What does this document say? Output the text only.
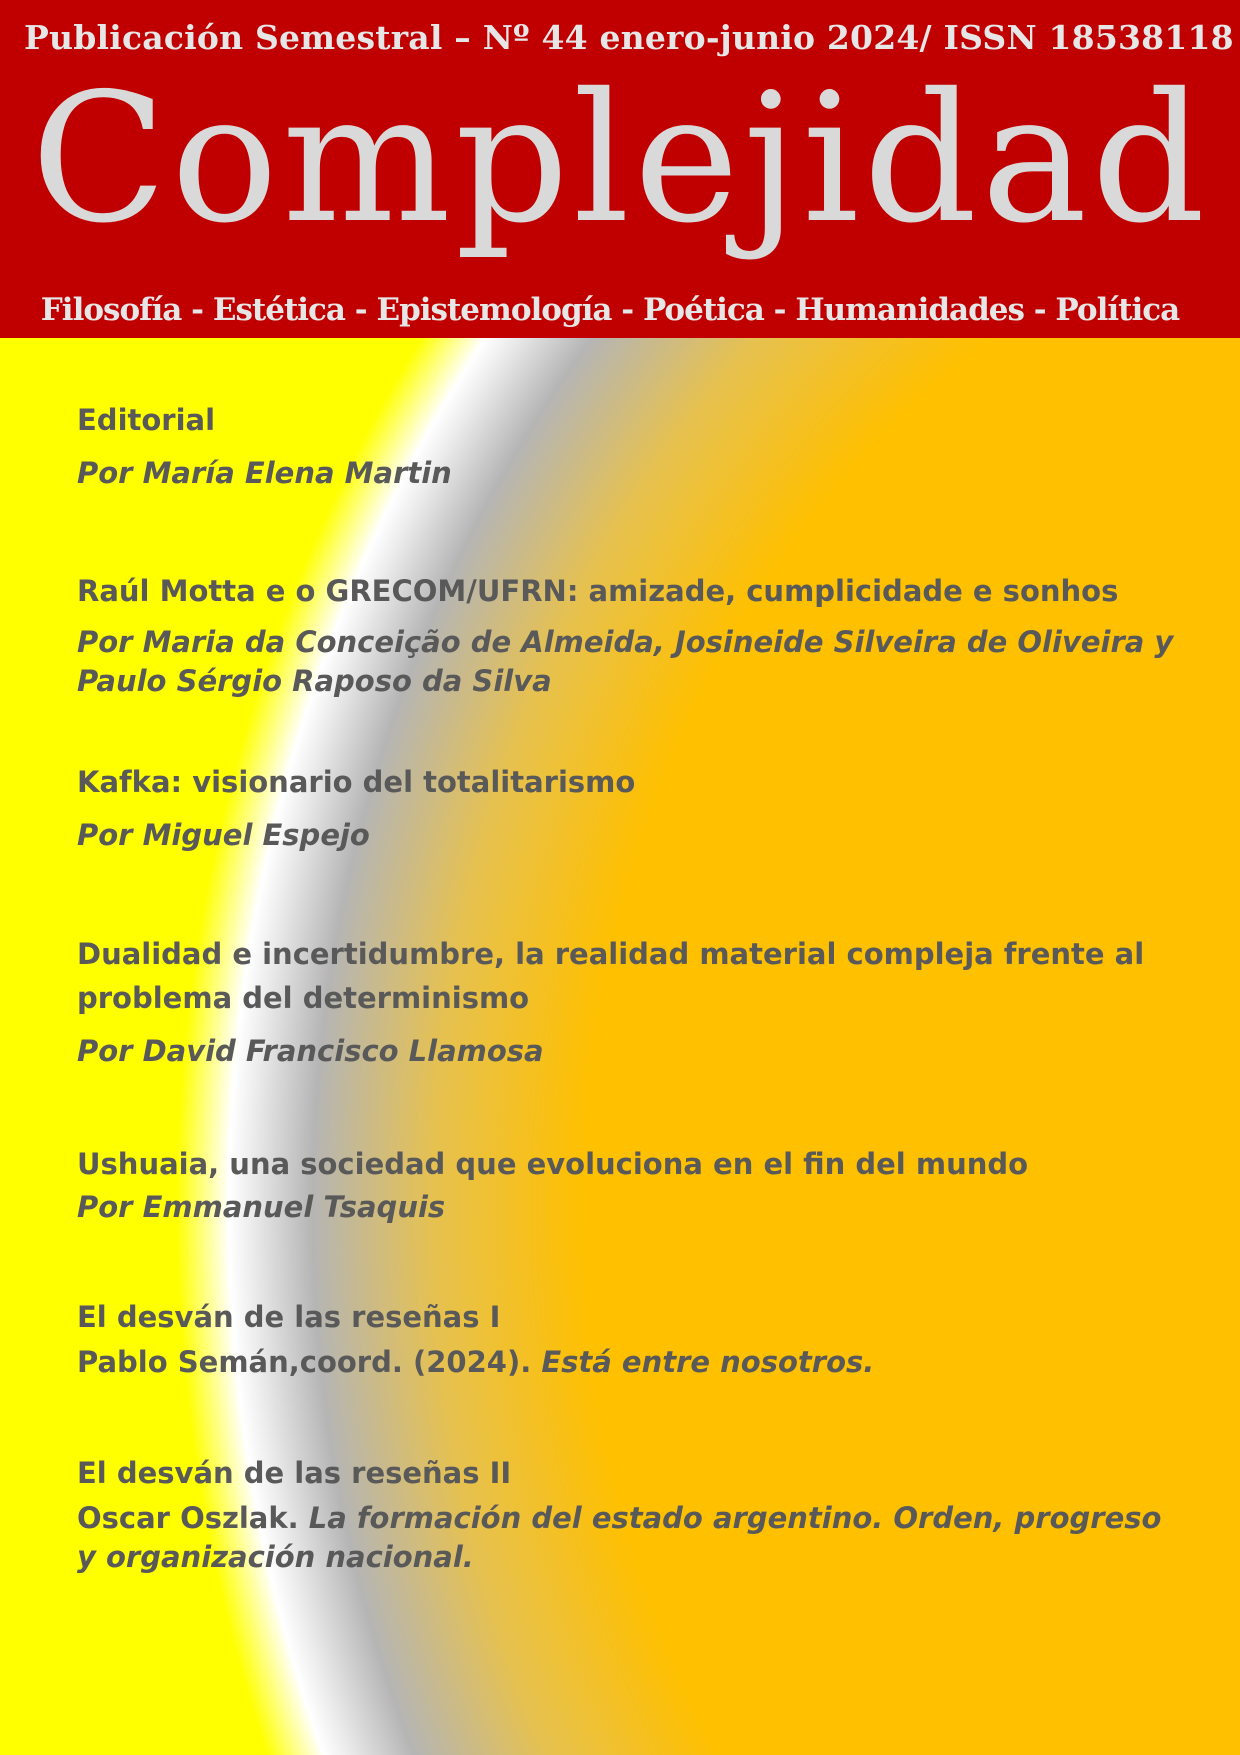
Publicación Semestral – Nº 44 enero-junio 2024/ ISSN 18538118
Complejidad
Filosofía - Estética - Epistemología - Poética - Humanidades - Política
Editorial
Por María Elena Martin
Raúl Motta e o GRECOM/UFRN: amizade, cumplicidade e sonhos
Por Maria da Conceição de Almeida, Josineide Silveira de Oliveira y Paulo Sérgio Raposo da Silva
Kafka: visionario del totalitarismo
Por Miguel Espejo
Dualidad e incertidumbre, la realidad material compleja frente al problema del determinismo
Por David Francisco Llamosa
Ushuaia, una sociedad que evoluciona en el fin del mundo
Por Emmanuel Tsaquis
El desván de las reseñas I
Pablo Semán,coord. (2024). Está entre nosotros.
El desván de las reseñas II
Oscar Oszlak. La formación del estado argentino. Orden, progreso y organización nacional.
